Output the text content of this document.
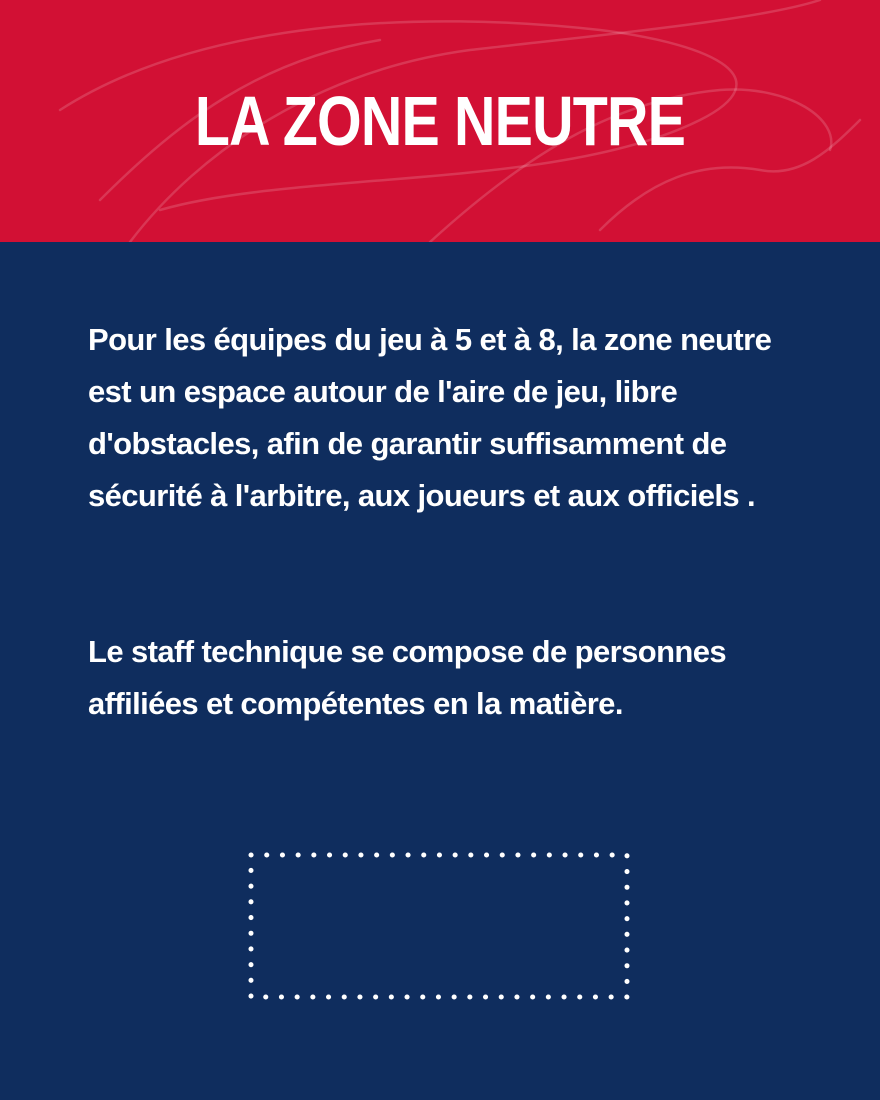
LA ZONE NEUTRE

Pour les équipes du jeu à 5 et à 8, la zone neutre est un espace autour de l'aire de jeu, libre d'obstacles, afin de garantir suffisamment de sécurité à l'arbitre, aux joueurs et aux officiels .

Le staff technique se compose de personnes affiliées et compétentes en la matière.
